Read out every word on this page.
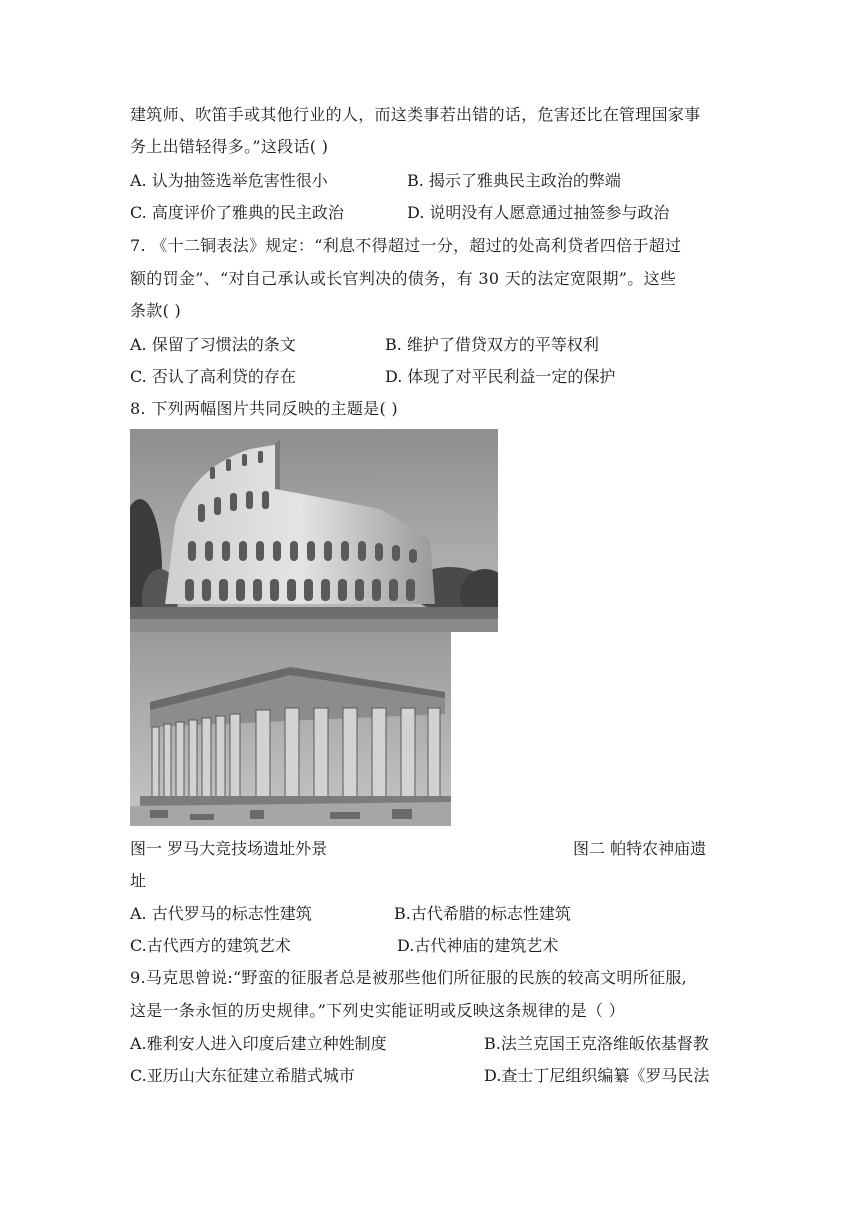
建筑师、吹笛手或其他行业的人，而这类事若出错的话，危害还比在管理国家事
务上出错轻得多。”这段话( )
A. 认为抽签选举危害性很小	B. 揭示了雅典民主政治的弊端
C. 高度评价了雅典的民主政治	D. 说明没有人愿意通过抽签参与政治
7. 《十二铜表法》规定：“利息不得超过一分，超过的处高利贷者四倍于超过
额的罚金”、“对自己承认或长官判决的债务，有 30 天的法定宽限期”。这些
条款( )
A. 保留了习惯法的条文	B. 维护了借贷双方的平等权利
C. 否认了高利贷的存在	D. 体现了对平民利益一定的保护
8. 下列两幅图片共同反映的主题是( )
图一 罗马大竞技场遗址外景	图二 帕特农神庙遗
址
A. 古代罗马的标志性建筑	B.古代希腊的标志性建筑
C.古代西方的建筑艺术	D.古代神庙的建筑艺术
9.马克思曾说:“野蛮的征服者总是被那些他们所征服的民族的较高文明所征服,
这是一条永恒的历史规律。”下列史实能证明或反映这条规律的是（ ）
A.雅利安人进入印度后建立种姓制度	B.法兰克国王克洛维皈依基督教
C.亚历山大东征建立希腊式城市	D.查士丁尼组织编纂《罗马民法
